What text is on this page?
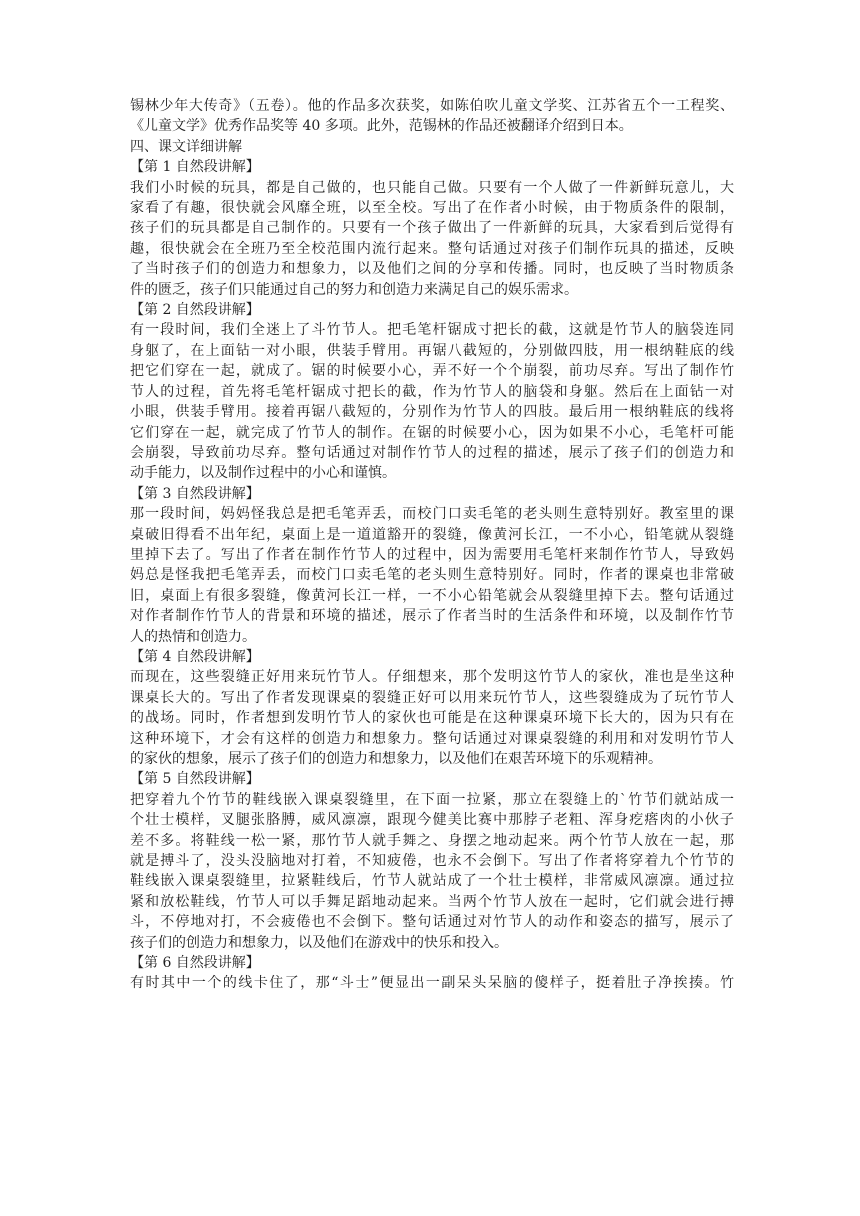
锡林少年大传奇》（五卷）。他的作品多次获奖，如陈伯吹儿童文学奖、江苏省五个一工程奖、
《儿童文学》优秀作品奖等 40 多项。此外，范锡林的作品还被翻译介绍到日本。
四、课文详细讲解
【第 1 自然段讲解】
我们小时候的玩具，都是自己做的，也只能自己做。只要有一个人做了一件新鲜玩意儿，大
家看了有趣，很快就会风靡全班，以至全校。写出了在作者小时候，由于物质条件的限制，
孩子们的玩具都是自己制作的。只要有一个孩子做出了一件新鲜的玩具，大家看到后觉得有
趣，很快就会在全班乃至全校范围内流行起来。整句话通过对孩子们制作玩具的描述，反映
了当时孩子们的创造力和想象力，以及他们之间的分享和传播。同时，也反映了当时物质条
件的匮乏，孩子们只能通过自己的努力和创造力来满足自己的娱乐需求。
【第 2 自然段讲解】
有一段时间，我们全迷上了斗竹节人。把毛笔杆锯成寸把长的截，这就是竹节人的脑袋连同
身躯了，在上面钻一对小眼，供装手臂用。再锯八截短的，分别做四肢，用一根纳鞋底的线
把它们穿在一起，就成了。锯的时候要小心，弄不好一个个崩裂，前功尽弃。写出了制作竹
节人的过程，首先将毛笔杆锯成寸把长的截，作为竹节人的脑袋和身躯。然后在上面钻一对
小眼，供装手臂用。接着再锯八截短的，分别作为竹节人的四肢。最后用一根纳鞋底的线将
它们穿在一起，就完成了竹节人的制作。在锯的时候要小心，因为如果不小心，毛笔杆可能
会崩裂，导致前功尽弃。整句话通过对制作竹节人的过程的描述，展示了孩子们的创造力和
动手能力，以及制作过程中的小心和谨慎。
【第 3 自然段讲解】
那一段时间，妈妈怪我总是把毛笔弄丢，而校门口卖毛笔的老头则生意特别好。教室里的课
桌破旧得看不出年纪，桌面上是一道道豁开的裂缝，像黄河长江，一不小心，铅笔就从裂缝
里掉下去了。写出了作者在制作竹节人的过程中，因为需要用毛笔杆来制作竹节人，导致妈
妈总是怪我把毛笔弄丢，而校门口卖毛笔的老头则生意特别好。同时，作者的课桌也非常破
旧，桌面上有很多裂缝，像黄河长江一样，一不小心铅笔就会从裂缝里掉下去。整句话通过
对作者制作竹节人的背景和环境的描述，展示了作者当时的生活条件和环境，以及制作竹节
人的热情和创造力。
【第 4 自然段讲解】
而现在，这些裂缝正好用来玩竹节人。仔细想来，那个发明这竹节人的家伙，准也是坐这种
课桌长大的。写出了作者发现课桌的裂缝正好可以用来玩竹节人，这些裂缝成为了玩竹节人
的战场。同时，作者想到发明竹节人的家伙也可能是在这种课桌环境下长大的，因为只有在
这种环境下，才会有这样的创造力和想象力。整句话通过对课桌裂缝的利用和对发明竹节人
的家伙的想象，展示了孩子们的创造力和想象力，以及他们在艰苦环境下的乐观精神。
【第 5 自然段讲解】
把穿着九个竹节的鞋线嵌入课桌裂缝里，在下面一拉紧，那立在裂缝上的`竹节们就站成一
个壮士模样，叉腿张胳膊，威风凛凛，跟现今健美比赛中那脖子老粗、浑身疙瘩肉的小伙子
差不多。将鞋线一松一紧，那竹节人就手舞之、身摆之地动起来。两个竹节人放在一起，那
就是搏斗了，没头没脑地对打着，不知疲倦，也永不会倒下。写出了作者将穿着九个竹节的
鞋线嵌入课桌裂缝里，拉紧鞋线后，竹节人就站成了一个壮士模样，非常威风凛凛。通过拉
紧和放松鞋线，竹节人可以手舞足蹈地动起来。当两个竹节人放在一起时，它们就会进行搏
斗，不停地对打，不会疲倦也不会倒下。整句话通过对竹节人的动作和姿态的描写，展示了
孩子们的创造力和想象力，以及他们在游戏中的快乐和投入。
【第 6 自然段讲解】
有时其中一个的线卡住了，那“斗士”便显出一副呆头呆脑的傻样子，挺着肚子净挨揍。竹
